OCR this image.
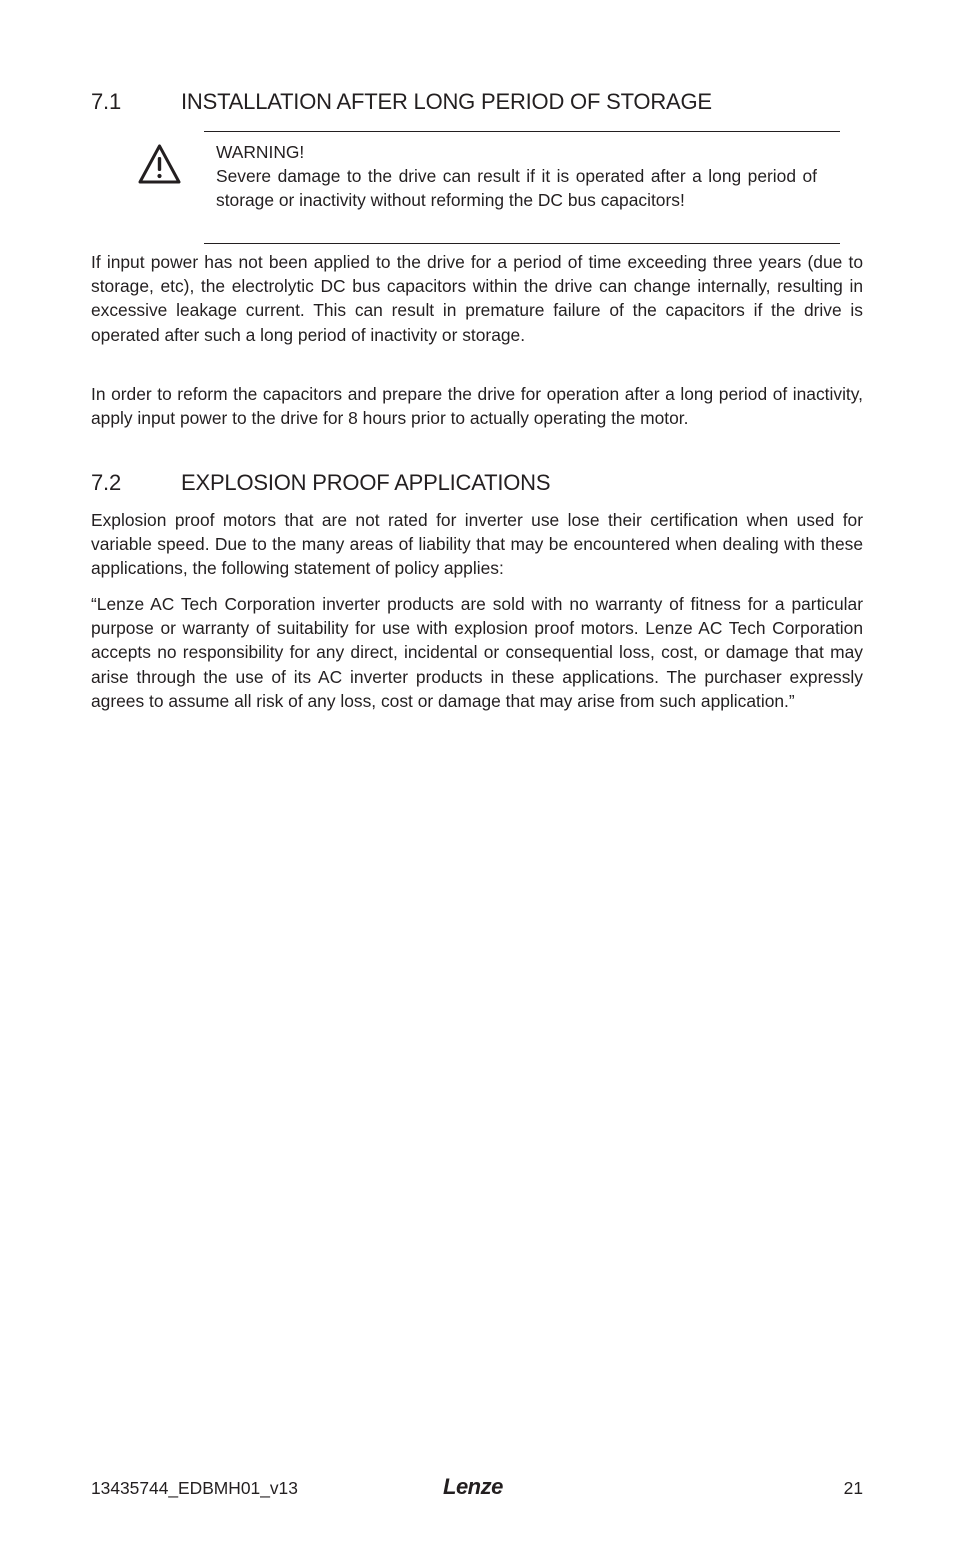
7.1	INSTALLATION AFTER LONG PERIOD OF STORAGE
WARNING!
Severe damage to the drive can result if it is operated after a long period of storage or inactivity without reforming the DC bus capacitors!

If input power has not been applied to the drive for a period of time exceeding three years (due to storage, etc), the electrolytic DC bus capacitors within the drive can change internally, resulting in excessive leakage current. This can result in premature failure of the capacitors if the drive is operated after such a long period of inactivity or storage.

In order to reform the capacitors and prepare the drive for operation after a long period of inactivity, apply input power to the drive for 8 hours prior to actually operating the motor.

7.2	EXPLOSION PROOF APPLICATIONS

Explosion proof motors that are not rated for inverter use lose their certification when used for variable speed. Due to the many areas of liability that may be encountered when dealing with these applications, the following statement of policy applies:

“Lenze AC Tech Corporation inverter products are sold with no warranty of fitness for a particular purpose or warranty of suitability for use with explosion proof motors. Lenze AC Tech Corporation accepts no responsibility for any direct, incidental or consequential loss, cost, or damage that may arise through the use of its AC inverter products in these applications. The purchaser expressly agrees to assume all risk of any loss, cost or damage that may arise from such application.”

13435744_EDBMH01_v13	Lenze	21
